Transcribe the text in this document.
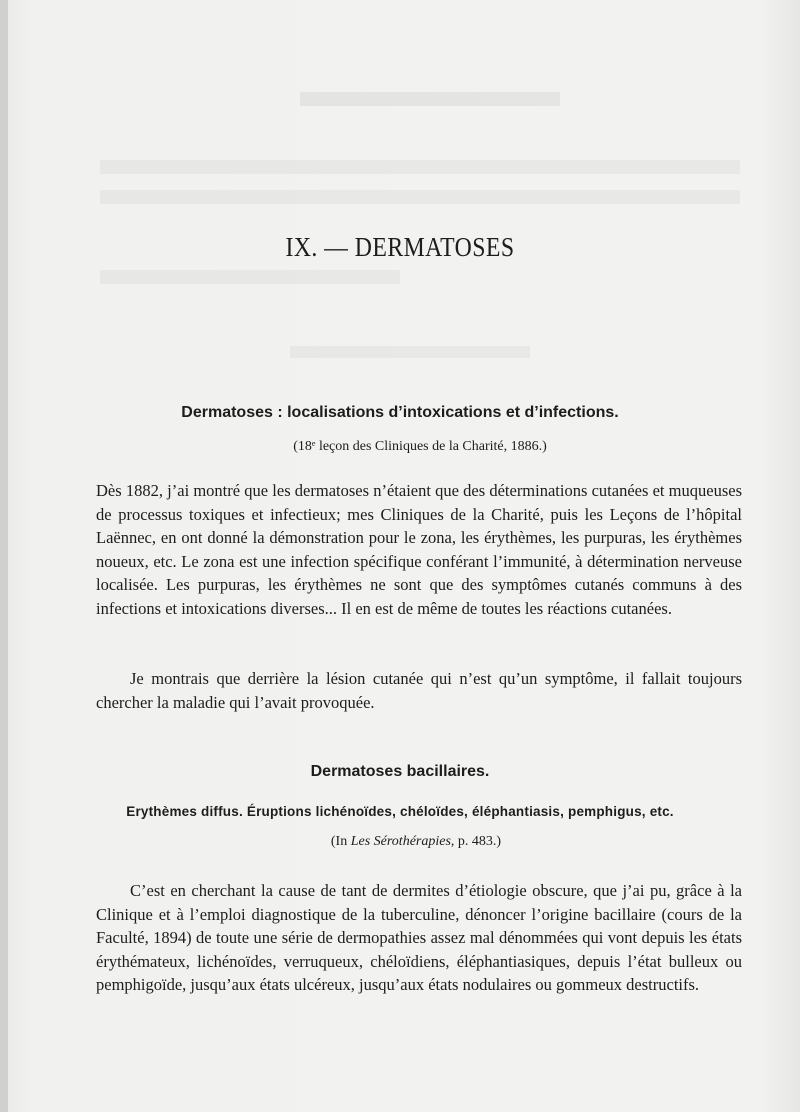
IX. — DERMATOSES
Dermatoses : localisations d’intoxications et d’infections.
(18ᵉ leçon des Cliniques de la Charité, 1886.)

Dès 1882, j’ai montré que les dermatoses n’étaient que des déterminations cutanées et muqueuses de processus toxiques et infectieux; mes Cliniques de la Charité, puis les Leçons de l’hôpital Laënnec, en ont donné la démonstration pour le zona, les érythèmes, les purpuras, les érythèmes noueux, etc. Le zona est une infection spécifique conférant l’immunité, à détermination nerveuse localisée. Les purpuras, les érythèmes ne sont que des symptômes cutanés communs à des infections et intoxications diverses... Il en est de même de toutes les réactions cutanées.

Je montrais que derrière la lésion cutanée qui n’est qu’un symptôme, il fallait toujours chercher la maladie qui l’avait provoquée.

Dermatoses bacillaires.
Erythèmes diffus. Éruptions lichénoïdes, chéloïdes, éléphantiasis, pemphigus, etc.
(In Les Sérothérapies, p. 483.)

C’est en cherchant la cause de tant de dermites d’étiologie obscure, que j’ai pu, grâce à la Clinique et à l’emploi diagnostique de la tuberculine, dénoncer l’origine bacillaire (cours de la Faculté, 1894) de toute une série de dermopathies assez mal dénommées qui vont depuis les états érythémateux, lichénoïdes, verruqueux, chéloïdiens, éléphantiasiques, depuis l’état bulleux ou pemphigoïde, jusqu’aux états ulcéreux, jusqu’aux états nodulaires ou gommeux destructifs.
